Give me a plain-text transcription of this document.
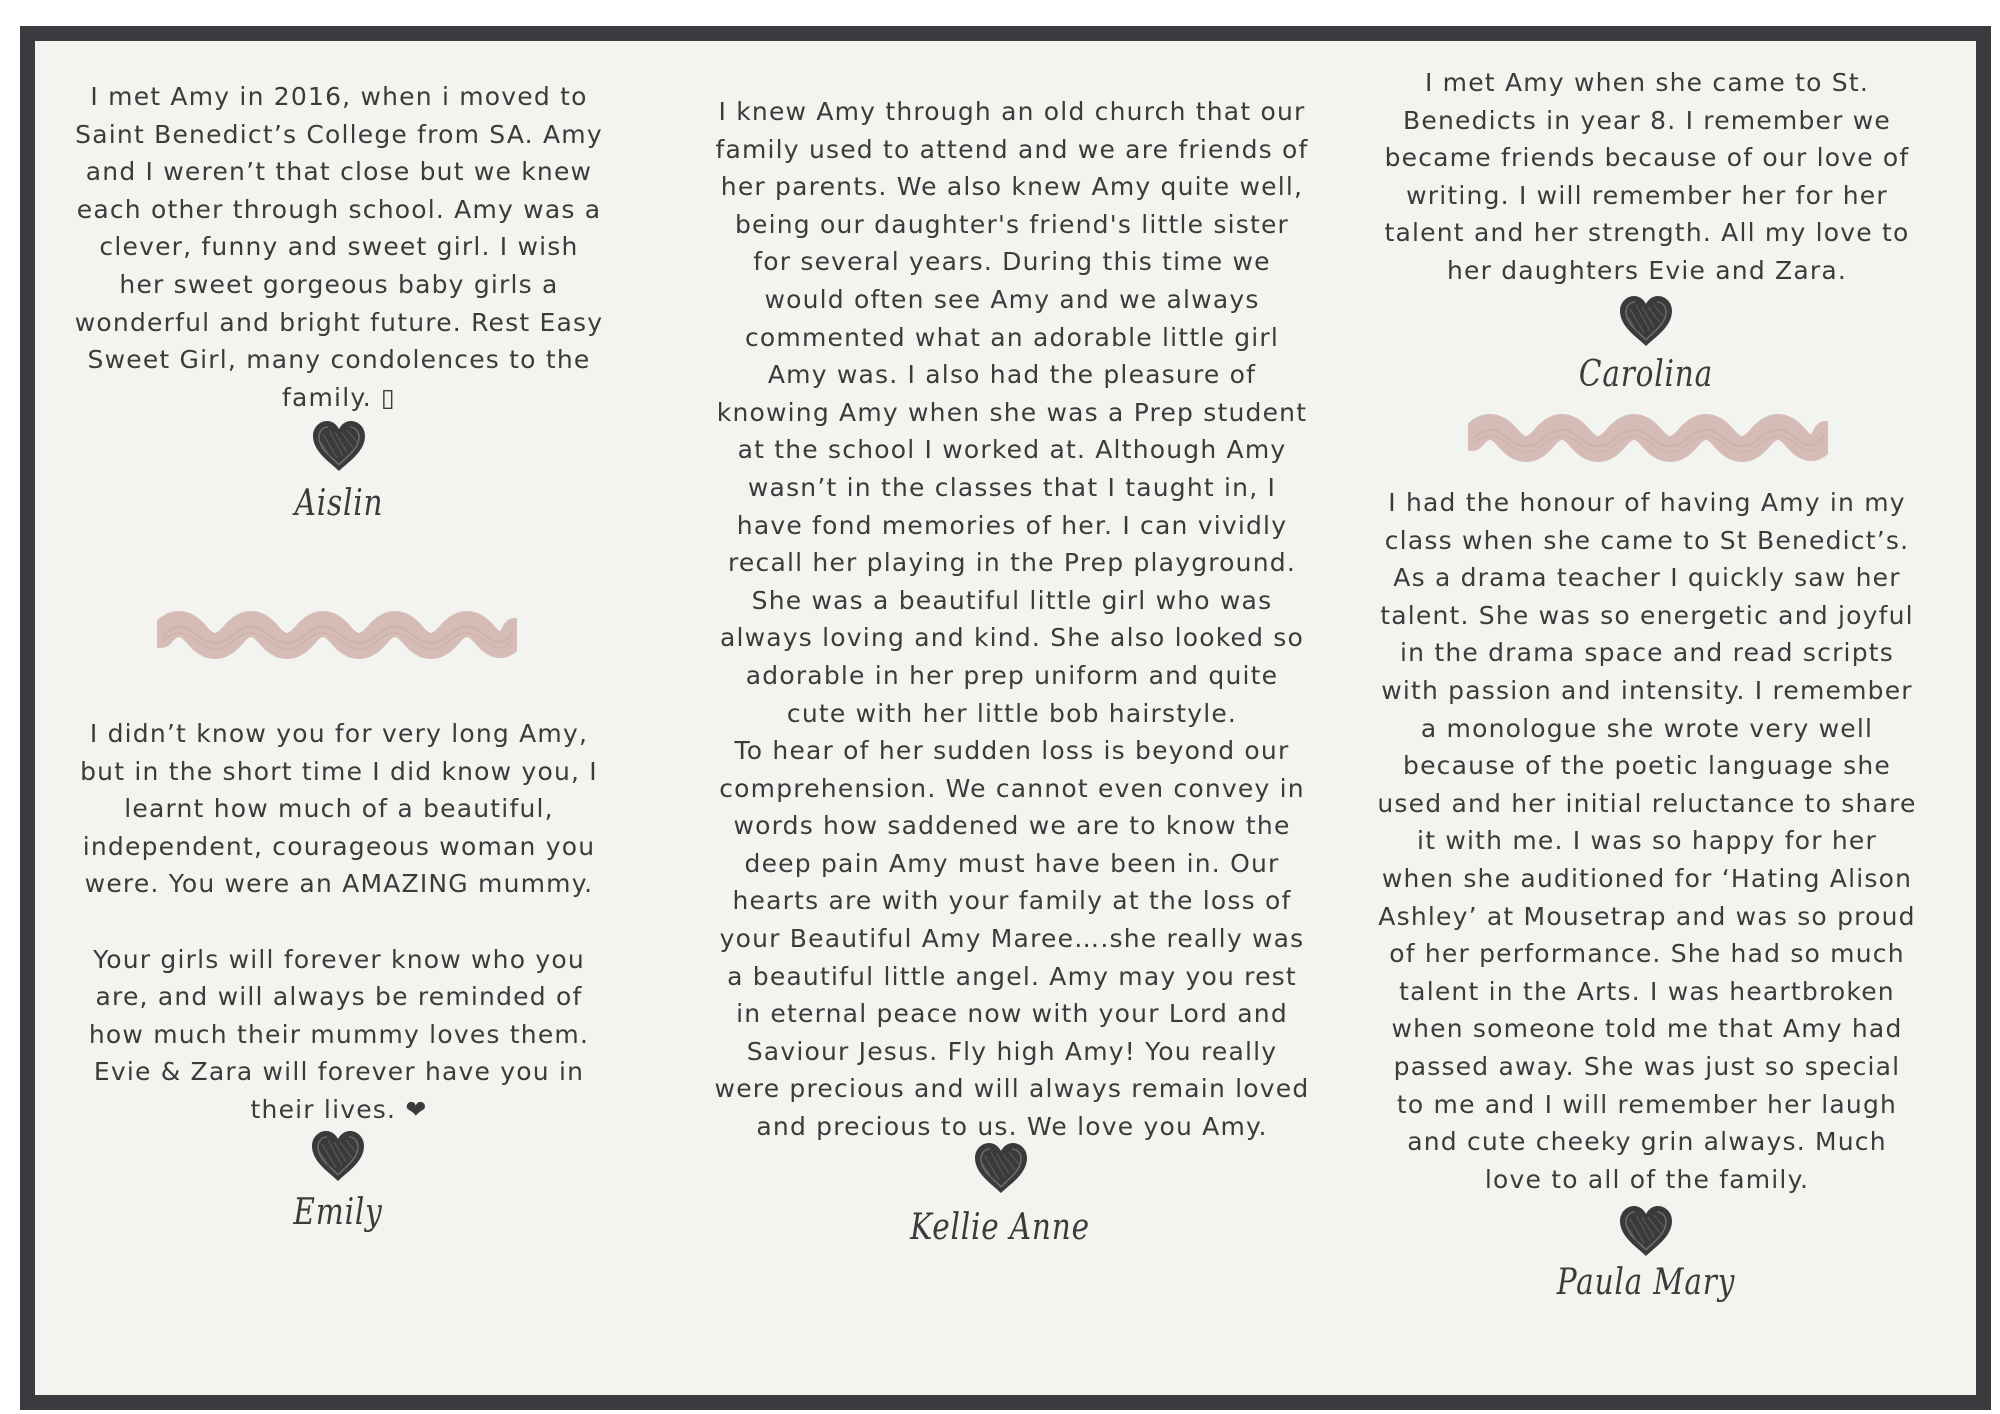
I met Amy in 2016, when i moved to Saint Benedict’s College from SA. Amy and I weren’t that close but we knew each other through school. Amy was a clever, funny and sweet girl. I wish her sweet gorgeous baby girls a wonderful and bright future. Rest Easy Sweet Girl, many condolences to the family. ▯

Aislin

I didn’t know you for very long Amy, but in the short time I did know you, I learnt how much of a beautiful, independent, courageous woman you were. You were an AMAZING mummy.

Your girls will forever know who you are, and will always be reminded of how much their mummy loves them. Evie & Zara will forever have you in their lives. ❤

Emily

I knew Amy through an old church that our family used to attend and we are friends of her parents. We also knew Amy quite well, being our daughter's friend's little sister for several years. During this time we would often see Amy and we always commented what an adorable little girl Amy was. I also had the pleasure of knowing Amy when she was a Prep student at the school I worked at. Although Amy wasn’t in the classes that I taught in, I have fond memories of her. I can vividly recall her playing in the Prep playground. She was a beautiful little girl who was always loving and kind. She also looked so adorable in her prep uniform and quite cute with her little bob hairstyle.

To hear of her sudden loss is beyond our comprehension. We cannot even convey in words how saddened we are to know the deep pain Amy must have been in. Our hearts are with your family at the loss of your Beautiful Amy Maree….she really was a beautiful little angel. Amy may you rest in eternal peace now with your Lord and Saviour Jesus. Fly high Amy! You really were precious and will always remain loved and precious to us. We love you Amy.

Kellie Anne

I met Amy when she came to St. Benedicts in year 8. I remember we became friends because of our love of writing. I will remember her for her talent and her strength. All my love to her daughters Evie and Zara.

Carolina

I had the honour of having Amy in my class when she came to St Benedict’s. As a drama teacher I quickly saw her talent. She was so energetic and joyful in the drama space and read scripts with passion and intensity. I remember a monologue she wrote very well because of the poetic language she used and her initial reluctance to share it with me. I was so happy for her when she auditioned for ‘Hating Alison Ashley’ at Mousetrap and was so proud of her performance. She had so much talent in the Arts. I was heartbroken when someone told me that Amy had passed away. She was just so special to me and I will remember her laugh and cute cheeky grin always. Much love to all of the family.

Paula Mary
